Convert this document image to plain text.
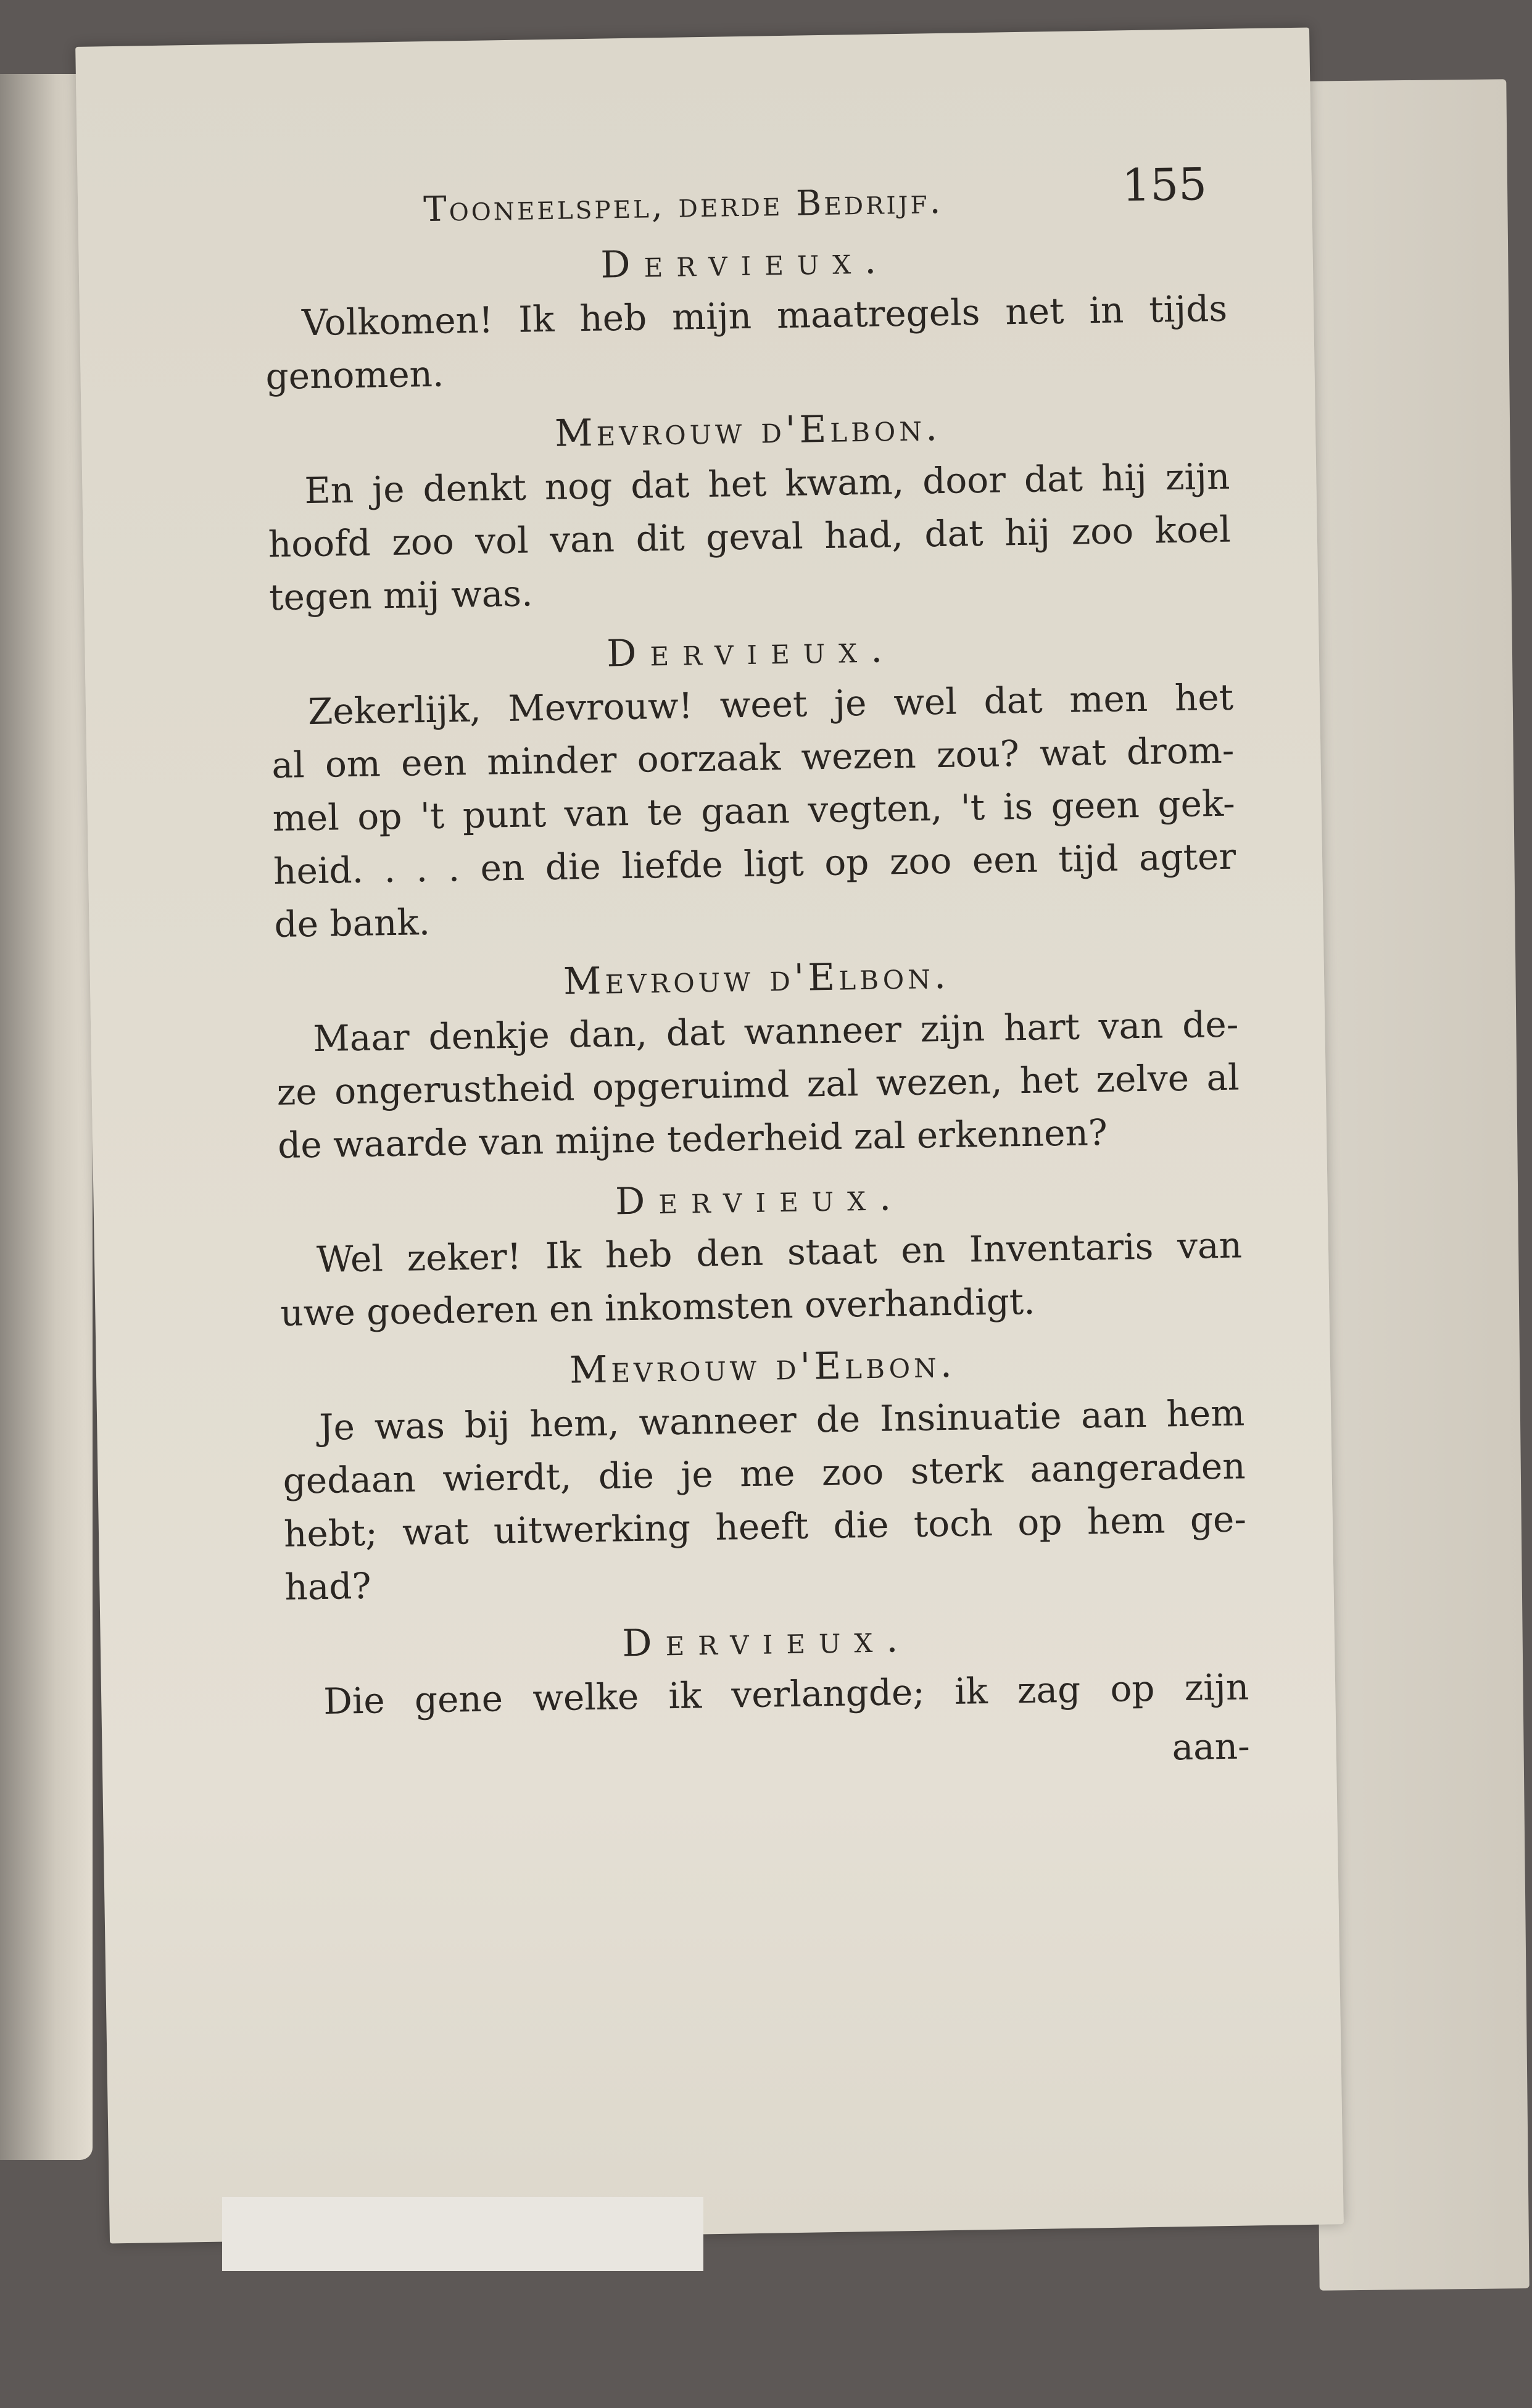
Tooneelspel, derde Bedrijf.	155
Dervieux.

Volkomen! Ik heb mijn maatregels net in tijds
genomen.

Mevrouw d'Elbon.

En je denkt nog dat het kwam, door dat hij zijn
hoofd zoo vol van dit geval had, dat hij zoo koel
tegen mij was.

Dervieux.

Zekerlijk, Mevrouw! weet je wel dat men het
al om een minder oorzaak wezen zou? wat drom-
mel op 't punt van te gaan vegten, 't is geen gek-
heid. . . . en die liefde ligt op zoo een tijd agter
de bank.

Mevrouw d'Elbon.

Maar denkje dan, dat wanneer zijn hart van de-
ze ongerustheid opgeruimd zal wezen, het zelve al
de waarde van mijne tederheid zal erkennen?

Dervieux.

Wel zeker! Ik heb den staat en Inventaris van
uwe goederen en inkomsten overhandigt.

Mevrouw d'Elbon.

Je was bij hem, wanneer de Insinuatie aan hem
gedaan wierdt, die je me zoo sterk aangeraden
hebt; wat uitwerking heeft die toch op hem ge-
had?

Dervieux.

Die gene welke ik verlangde; ik zag op zijn

aan-
